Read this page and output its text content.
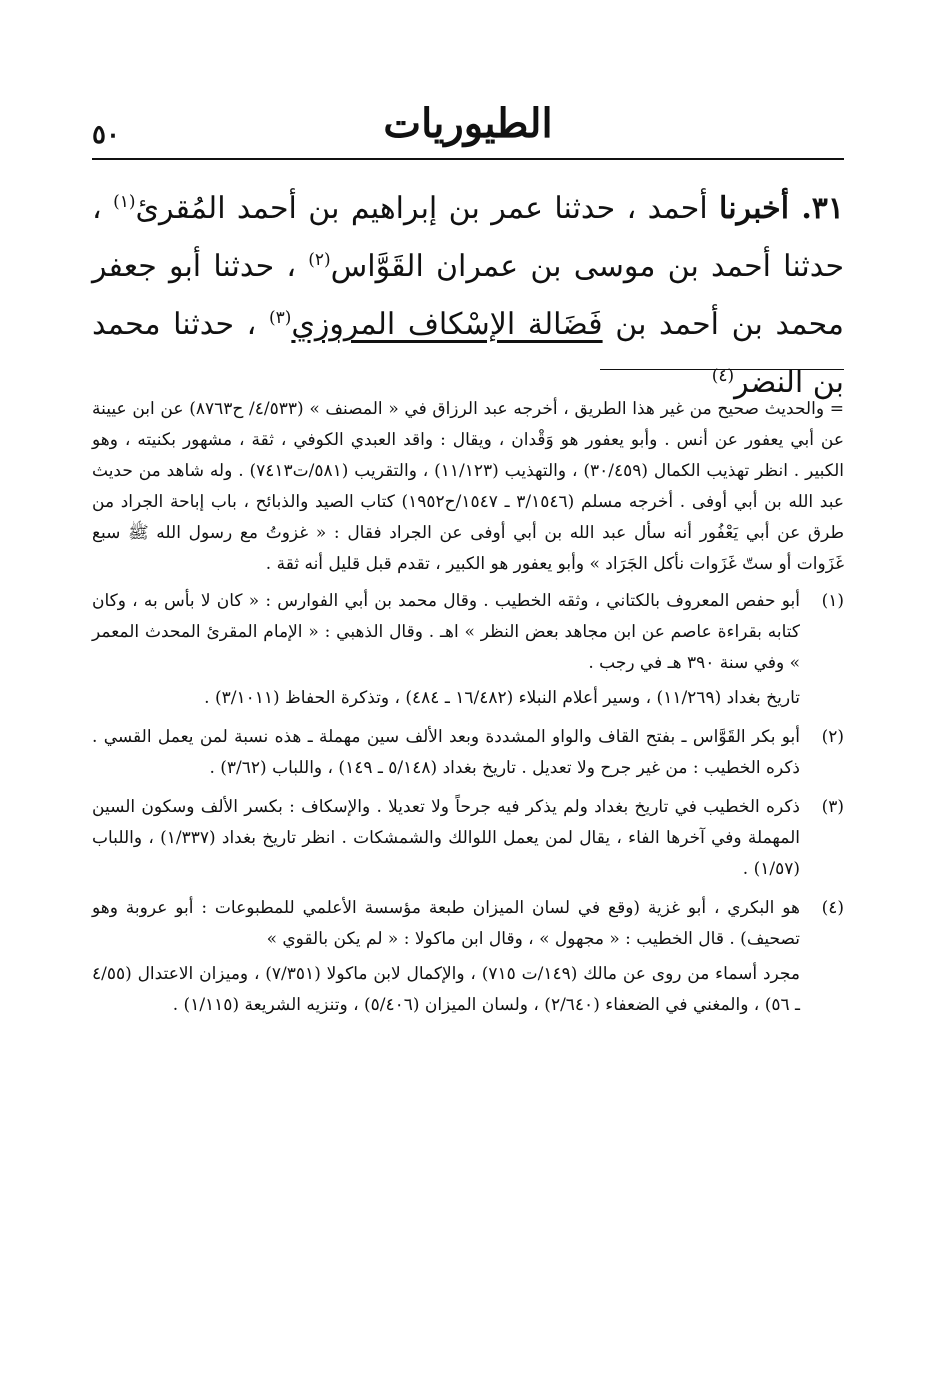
الطيوريات
٥٠
٣١. أخبرنا أحمد ، حدثنا عمر بن إبراهيم بن أحمد المُقرئ$^{(١)}$ ، حدثنا أحمد بن موسى بن عمران القَوَّاس$^{(٢)}$ ، حدثنا أبو جعفر محمد بن أحمد بن فَضَالة الإسْكاف المروزي$^{(٣)}$ ، حدثنا محمد بن النضر$^{(٤)}$

= والحديث صحيح من غير هذا الطريق ، أخرجه عبد الرزاق في « المصنف » (٤/٥٣٣/ ح٨٧٦٣) عن ابن عيينة عن أبي يعفور عن أنس . وأبو يعفور هو وَقْدان ، ويقال : واقد العبدي الكوفي ، ثقة ، مشهور بكنيته ، وهو الكبير . انظر تهذيب الكمال (٣٠/٤٥٩) ، والتهذيب (١١/١٢٣) ، والتقريب (٥٨١/ت٧٤١٣) . وله شاهد من حديث عبد الله بن أبي أوفى . أخرجه مسلم (٣/١٥٤٦ ـ ١٥٤٧/ح١٩٥٢) كتاب الصيد والذبائح ، باب إباحة الجراد من طرق عن أبي يَعْفُور أنه سأل عبد الله بن أبي أوفى عن الجراد فقال : « غزوتُ مع رسول الله ﷺ سبع غَزَوات أو ستّ غَزَوات نأكل الجَرَاد » وأبو يعفور هو الكبير ، تقدم قبل قليل أنه ثقة .

(١)

أبو حفص المعروف بالكتاني ، وثقه الخطيب . وقال محمد بن أبي الفوارس : « كان لا بأس به ، وكان كتابه بقراءة عاصم عن ابن مجاهد بعض النظر » اهـ . وقال الذهبي : « الإمام المقرئ المحدث المعمر » وفي سنة ٣٩٠ هـ في رجب .

تاريخ بغداد (١١/٢٦٩) ، وسير أعلام النبلاء (١٦/٤٨٢ ـ ٤٨٤) ، وتذكرة الحفاظ (٣/١٠١١) .

(٢)

أبو بكر القَوَّاس ـ بفتح القاف والواو المشددة وبعد الألف سين مهملة ـ هذه نسبة لمن يعمل القسي . ذكره الخطيب : من غير جرح ولا تعديل . تاريخ بغداد (٥/١٤٨ ـ ١٤٩) ، واللباب (٣/٦٢) .

(٣)

ذكره الخطيب في تاريخ بغداد ولم يذكر فيه جرحاً ولا تعديلا . والإسكاف : بكسر الألف وسكون السين المهملة وفي آخرها الفاء ، يقال لمن يعمل اللوالك والشمشكات . انظر تاريخ بغداد (١/٣٣٧) ، واللباب (١/٥٧) .

(٤)

هو البكري ، أبو غزية (وقع في لسان الميزان طبعة مؤسسة الأعلمي للمطبوعات : أبو عروبة وهو تصحيف) . قال الخطيب : « مجهول » ، وقال ابن ماكولا : « لم يكن بالقوي »

مجرد أسماء من روى عن مالك (١٤٩/ت ٧١٥) ، والإكمال لابن ماكولا (٧/٣٥١) ، وميزان الاعتدال (٤/٥٥ ـ ٥٦) ، والمغني في الضعفاء (٢/٦٤٠) ، ولسان الميزان (٥/٤٠٦) ، وتنزيه الشريعة (١/١١٥) .
